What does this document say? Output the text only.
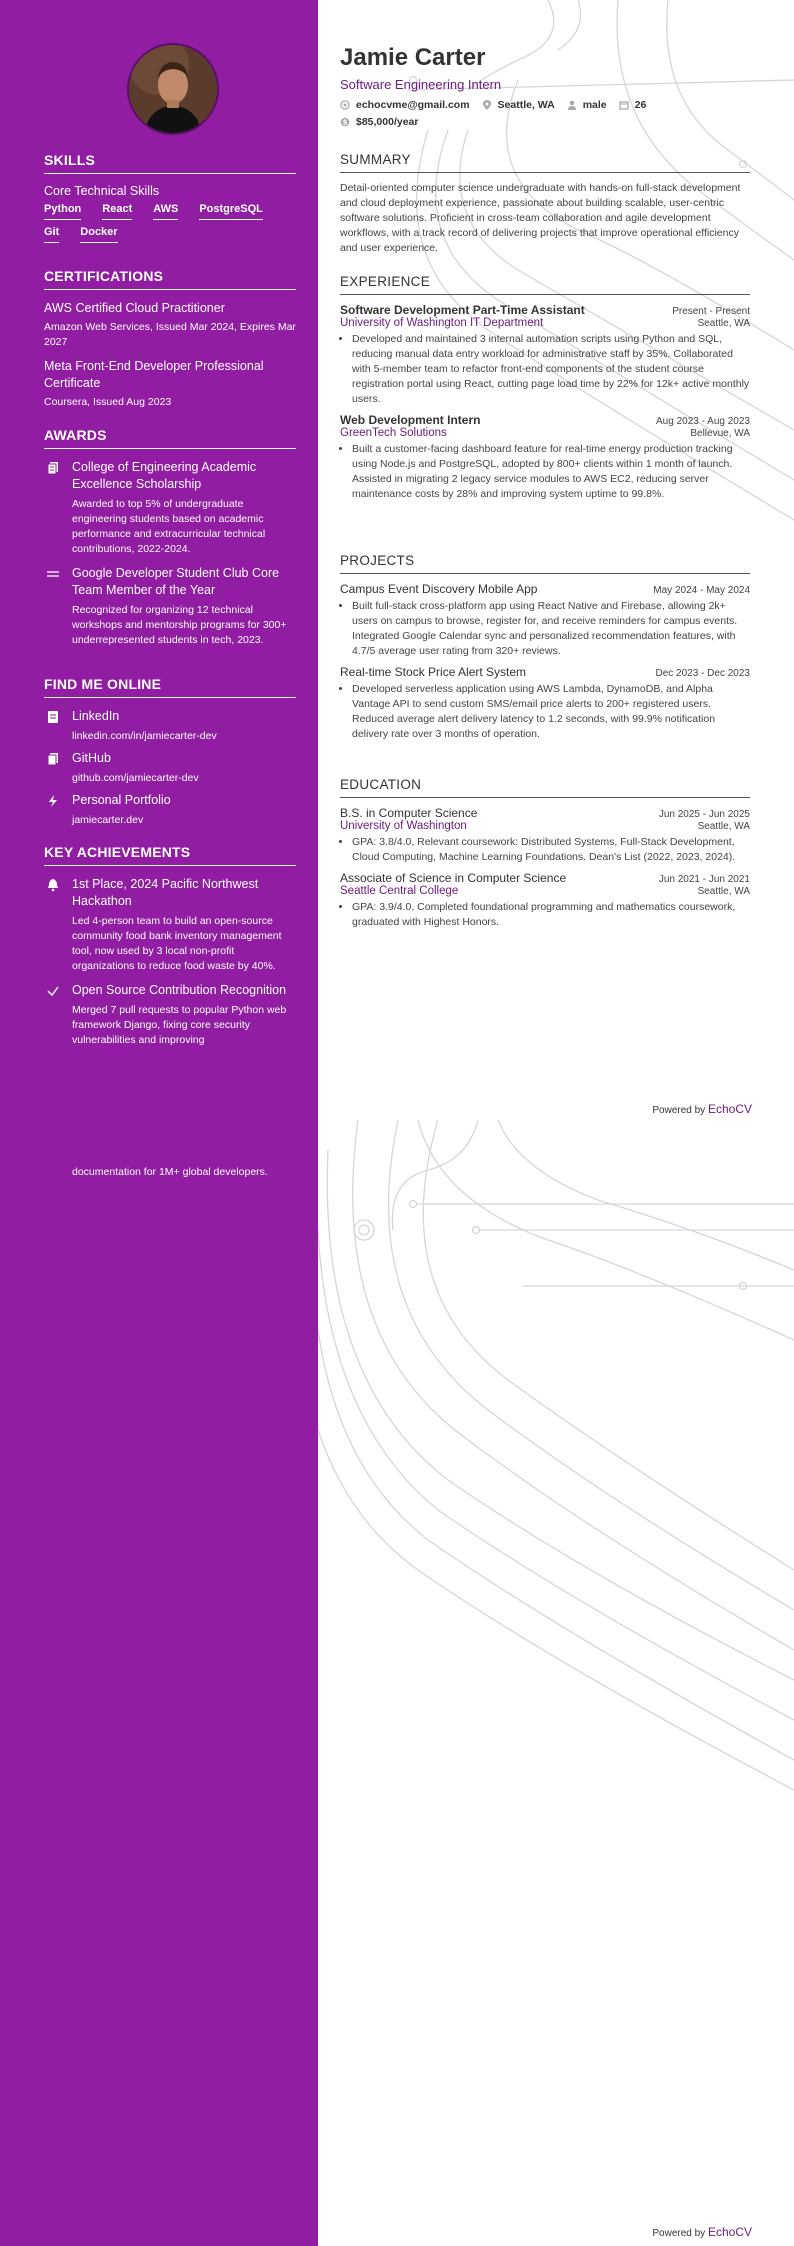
SKILLS
Core Technical Skills
Python React AWS PostgreSQL
Git Docker
CERTIFICATIONS
AWS Certified Cloud Practitioner
Amazon Web Services, Issued Mar 2024, Expires Mar 2027
Meta Front-End Developer Professional Certificate
Coursera, Issued Aug 2023
AWARDS
College of Engineering Academic Excellence Scholarship
Awarded to top 5% of undergraduate engineering students based on academic performance and extracurricular technical contributions, 2022-2024.
Google Developer Student Club Core Team Member of the Year
Recognized for organizing 12 technical workshops and mentorship programs for 300+ underrepresented students in tech, 2023.
FIND ME ONLINE
LinkedIn
linkedin.com/in/jamiecarter-dev
GitHub
github.com/jamiecarter-dev
Personal Portfolio
jamiecarter.dev
KEY ACHIEVEMENTS
1st Place, 2024 Pacific Northwest Hackathon
Led 4-person team to build an open-source community food bank inventory management tool, now used by 3 local non-profit organizations to reduce food waste by 40%.
Open Source Contribution Recognition
Merged 7 pull requests to popular Python web framework Django, fixing core security vulnerabilities and improving
documentation for 1M+ global developers.
Jamie Carter
Software Engineering Intern
echocvme@gmail.com	Seattle, WA	male	26
$ $85,000/year
SUMMARY

Detail-oriented computer science undergraduate with hands-on full-stack development and cloud deployment experience, passionate about building scalable, user-centric software solutions. Proficient in cross-team collaboration and agile development workflows, with a track record of delivering projects that improve operational efficiency and user experience.

EXPERIENCE
Software Development Part-Time Assistant	Present - Present
University of Washington IT Department	Seattle, WA
• Developed and maintained 3 internal automation scripts using Python and SQL, reducing manual data entry workload for administrative staff by 35%. Collaborated with 5-member team to refactor front-end components of the student course registration portal using React, cutting page load time by 22% for 12k+ active monthly users.
Web Development Intern	Aug 2023 - Aug 2023
GreenTech Solutions	Bellevue, WA
• Built a customer-facing dashboard feature for real-time energy production tracking using Node.js and PostgreSQL, adopted by 800+ clients within 1 month of launch. Assisted in migrating 2 legacy service modules to AWS EC2, reducing server maintenance costs by 28% and improving system uptime to 99.8%.
PROJECTS
Campus Event Discovery Mobile App	May 2024 - May 2024
• Built full-stack cross-platform app using React Native and Firebase, allowing 2k+ users on campus to browse, register for, and receive reminders for campus events. Integrated Google Calendar sync and personalized recommendation features, with 4.7/5 average user rating from 320+ reviews.
Real-time Stock Price Alert System	Dec 2023 - Dec 2023
• Developed serverless application using AWS Lambda, DynamoDB, and Alpha Vantage API to send custom SMS/email price alerts to 200+ registered users. Reduced average alert delivery latency to 1.2 seconds, with 99.9% notification delivery rate over 3 months of operation.
EDUCATION
B.S. in Computer Science	Jun 2025 - Jun 2025
University of Washington	Seattle, WA
• GPA: 3.8/4.0, Relevant coursework: Distributed Systems, Full-Stack Development, Cloud Computing, Machine Learning Foundations. Dean's List (2022, 2023, 2024).
Associate of Science in Computer Science	Jun 2021 - Jun 2021
Seattle Central College	Seattle, WA
• GPA: 3.9/4.0, Completed foundational programming and mathematics coursework, graduated with Highest Honors.
Powered by EchoCV
Powered by EchoCV
